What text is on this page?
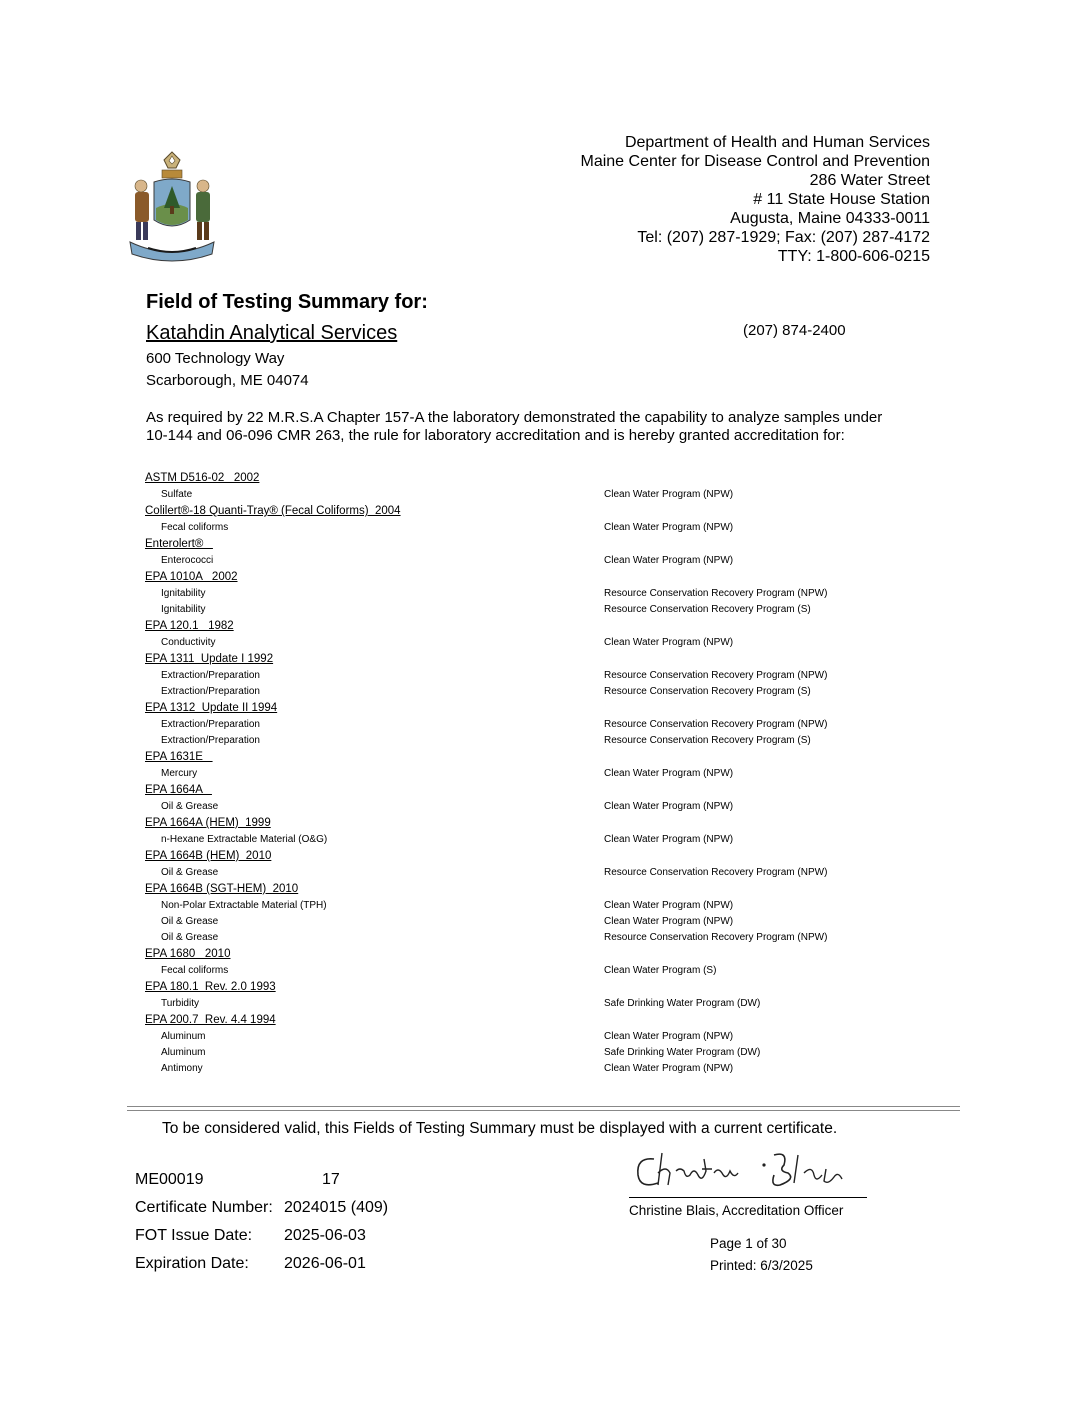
Department of Health and Human Services
Maine Center for Disease Control and Prevention
286 Water Street
# 11 State House Station
Augusta, Maine 04333-0011
Tel: (207) 287-1929; Fax: (207) 287-4172
TTY: 1-800-606-0215
Field of Testing Summary for:
Katahdin Analytical Services	(207) 874-2400
600 Technology Way
Scarborough, ME 04074
As required by 22 M.R.S.A Chapter 157-A the laboratory demonstrated the capability to analyze samples under 10-144 and 06-096 CMR 263, the rule for laboratory accreditation and is hereby granted accreditation for:
ASTM D516-02   2002
Sulfate	Clean Water Program (NPW)
Colilert®-18 Quanti-Tray® (Fecal Coliforms)  2004
Fecal coliforms	Clean Water Program (NPW)
Enterolert®
Enterococci	Clean Water Program (NPW)
EPA 1010A   2002
Ignitability	Resource Conservation Recovery Program (NPW)
Ignitability	Resource Conservation Recovery Program (S)
EPA 120.1   1982
Conductivity	Clean Water Program (NPW)
EPA 1311  Update I 1992
Extraction/Preparation	Resource Conservation Recovery Program (NPW)
Extraction/Preparation	Resource Conservation Recovery Program (S)
EPA 1312  Update II 1994
Extraction/Preparation	Resource Conservation Recovery Program (NPW)
Extraction/Preparation	Resource Conservation Recovery Program (S)
EPA 1631E
Mercury	Clean Water Program (NPW)
EPA 1664A
Oil & Grease	Clean Water Program (NPW)
EPA 1664A (HEM)  1999
n-Hexane Extractable Material (O&G)	Clean Water Program (NPW)
EPA 1664B (HEM)  2010
Oil & Grease	Resource Conservation Recovery Program (NPW)
EPA 1664B (SGT-HEM)  2010
Non-Polar Extractable Material (TPH)	Clean Water Program (NPW)
Oil & Grease	Clean Water Program (NPW)
Oil & Grease	Resource Conservation Recovery Program (NPW)
EPA 1680   2010
Fecal coliforms	Clean Water Program (S)
EPA 180.1  Rev. 2.0 1993
Turbidity	Safe Drinking Water Program (DW)
EPA 200.7  Rev. 4.4 1994
Aluminum	Clean Water Program (NPW)
Aluminum	Safe Drinking Water Program (DW)
Antimony	Clean Water Program (NPW)
To be considered valid, this Fields of Testing Summary must be displayed with a current certificate.
ME00019	17
Certificate Number: 2024015 (409)
FOT Issue Date: 2025-06-03
Expiration Date: 2026-06-01
Christine Blais, Accreditation Officer
Page 1 of 30
Printed: 6/3/2025
